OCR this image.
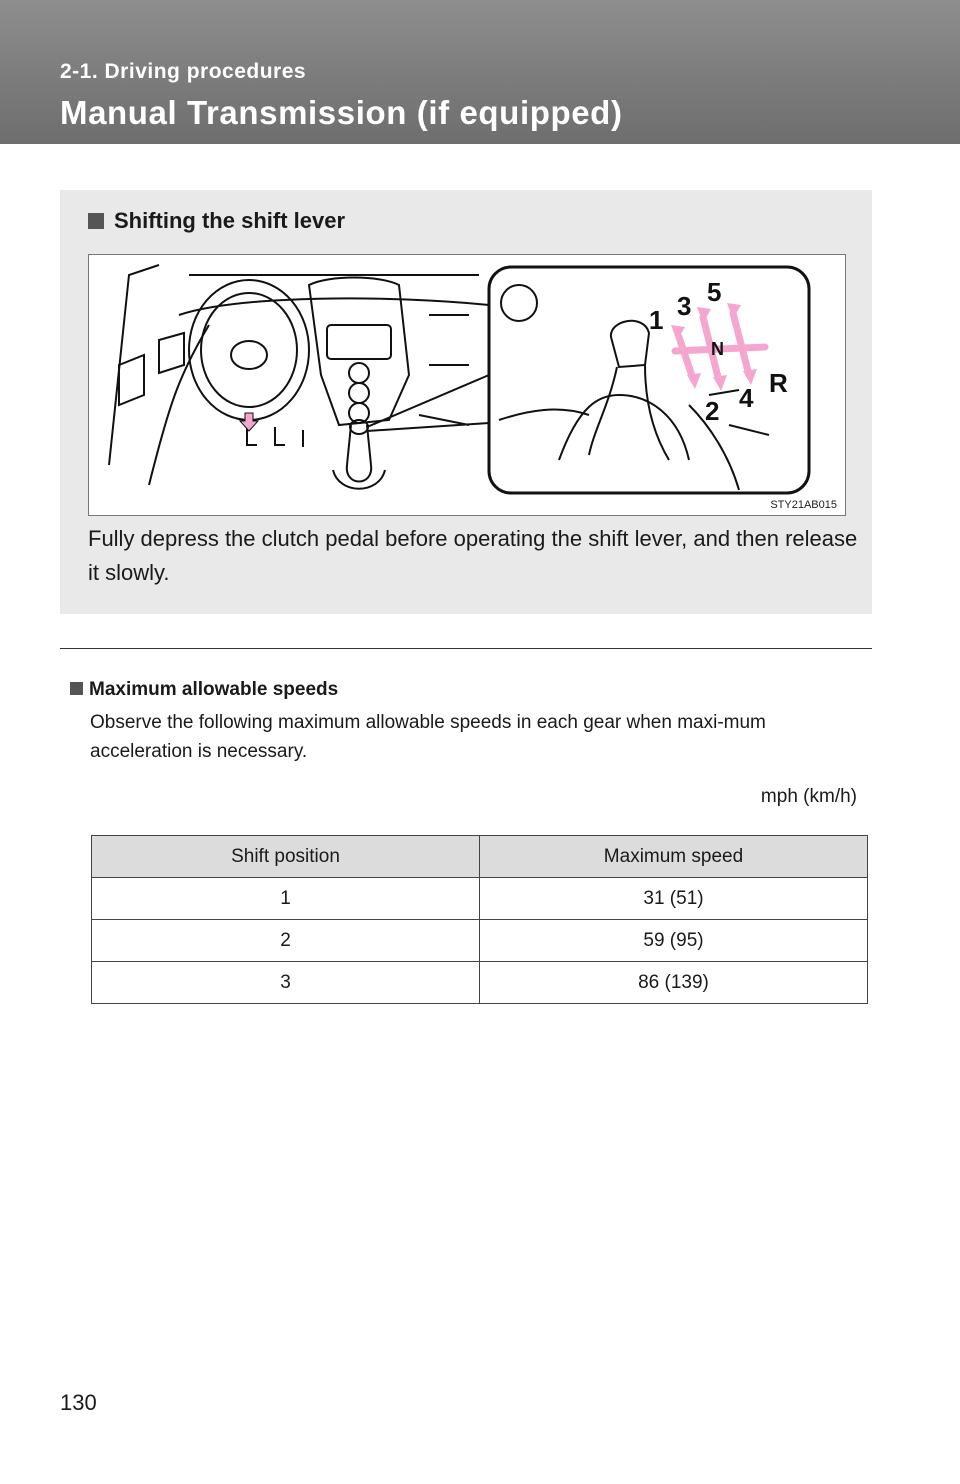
2-1. Driving procedures
Manual Transmission (if equipped)
Shifting the shift lever
1 3 5
N
2 4 R
STY21AB015
Fully depress the clutch pedal before operating the shift lever, and then release it slowly.
Maximum allowable speeds
Observe the following maximum allowable speeds in each gear when maxi-mum acceleration is necessary.
mph (km/h)
Shift position	Maximum speed
1	31 (51)
2	59 (95)
3	86 (139)
130
